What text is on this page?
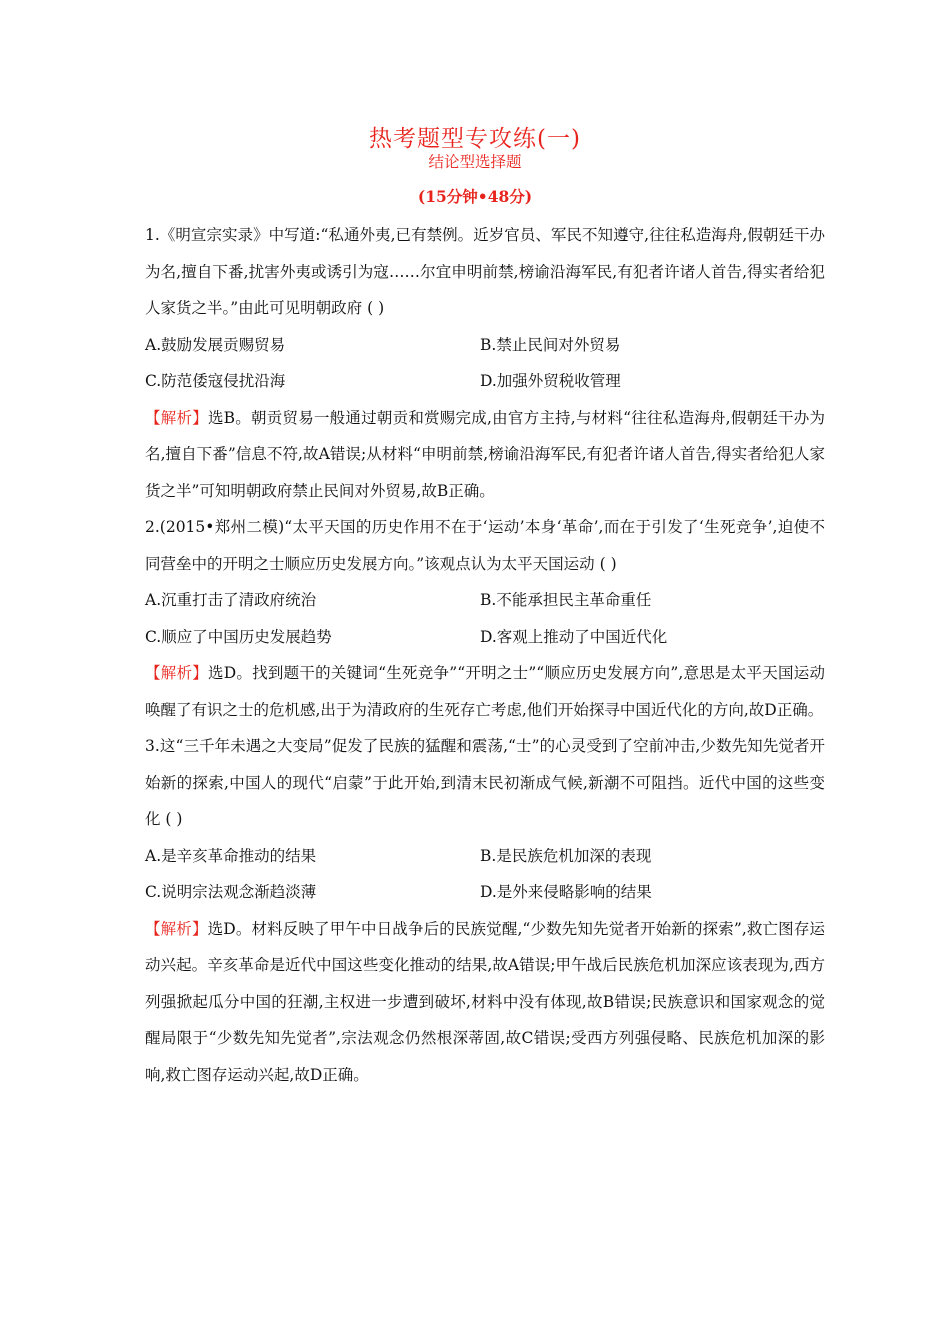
热考题型专攻练(一)
结论型选择题
(15分钟•48分)

1.《明宣宗实录》中写道:“私通外夷,已有禁例。近岁官员、军民不知遵守,往往私造海舟,假朝廷干办为名,擅自下番,扰害外夷或诱引为寇……尔宜申明前禁,榜谕沿海军民,有犯者许诸人首告,得实者给犯人家货之半。”由此可见明朝政府 ( )

A.鼓励发展贡赐贸易	B.禁止民间对外贸易
C.防范倭寇侵扰沿海	D.加强外贸税收管理

【解析】选B。朝贡贸易一般通过朝贡和赏赐完成,由官方主持,与材料“往往私造海舟,假朝廷干办为名,擅自下番”信息不符,故A错误;从材料“申明前禁,榜谕沿海军民,有犯者许诸人首告,得实者给犯人家货之半”可知明朝政府禁止民间对外贸易,故B正确。

2.(2015•郑州二模)“太平天国的历史作用不在于‘运动’本身‘革命’,而在于引发了‘生死竞争’,迫使不同营垒中的开明之士顺应历史发展方向。”该观点认为太平天国运动 ( )

A.沉重打击了清政府统治	B.不能承担民主革命重任
C.顺应了中国历史发展趋势	D.客观上推动了中国近代化

【解析】选D。找到题干的关键词“生死竞争”“开明之士”“顺应历史发展方向”,意思是太平天国运动唤醒了有识之士的危机感,出于为清政府的生死存亡考虑,他们开始探寻中国近代化的方向,故D正确。

3.这“三千年未遇之大变局”促发了民族的猛醒和震荡,“士”的心灵受到了空前冲击,少数先知先觉者开始新的探索,中国人的现代“启蒙”于此开始,到清末民初渐成气候,新潮不可阻挡。近代中国的这些变化 ( )

A.是辛亥革命推动的结果	B.是民族危机加深的表现
C.说明宗法观念渐趋淡薄	D.是外来侵略影响的结果

【解析】选D。材料反映了甲午中日战争后的民族觉醒,“少数先知先觉者开始新的探索”,救亡图存运动兴起。辛亥革命是近代中国这些变化推动的结果,故A错误;甲午战后民族危机加深应该表现为,西方列强掀起瓜分中国的狂潮,主权进一步遭到破坏,材料中没有体现,故B错误;民族意识和国家观念的觉醒局限于“少数先知先觉者”,宗法观念仍然根深蒂固,故C错误;受西方列强侵略、民族危机加深的影响,救亡图存运动兴起,故D正确。
